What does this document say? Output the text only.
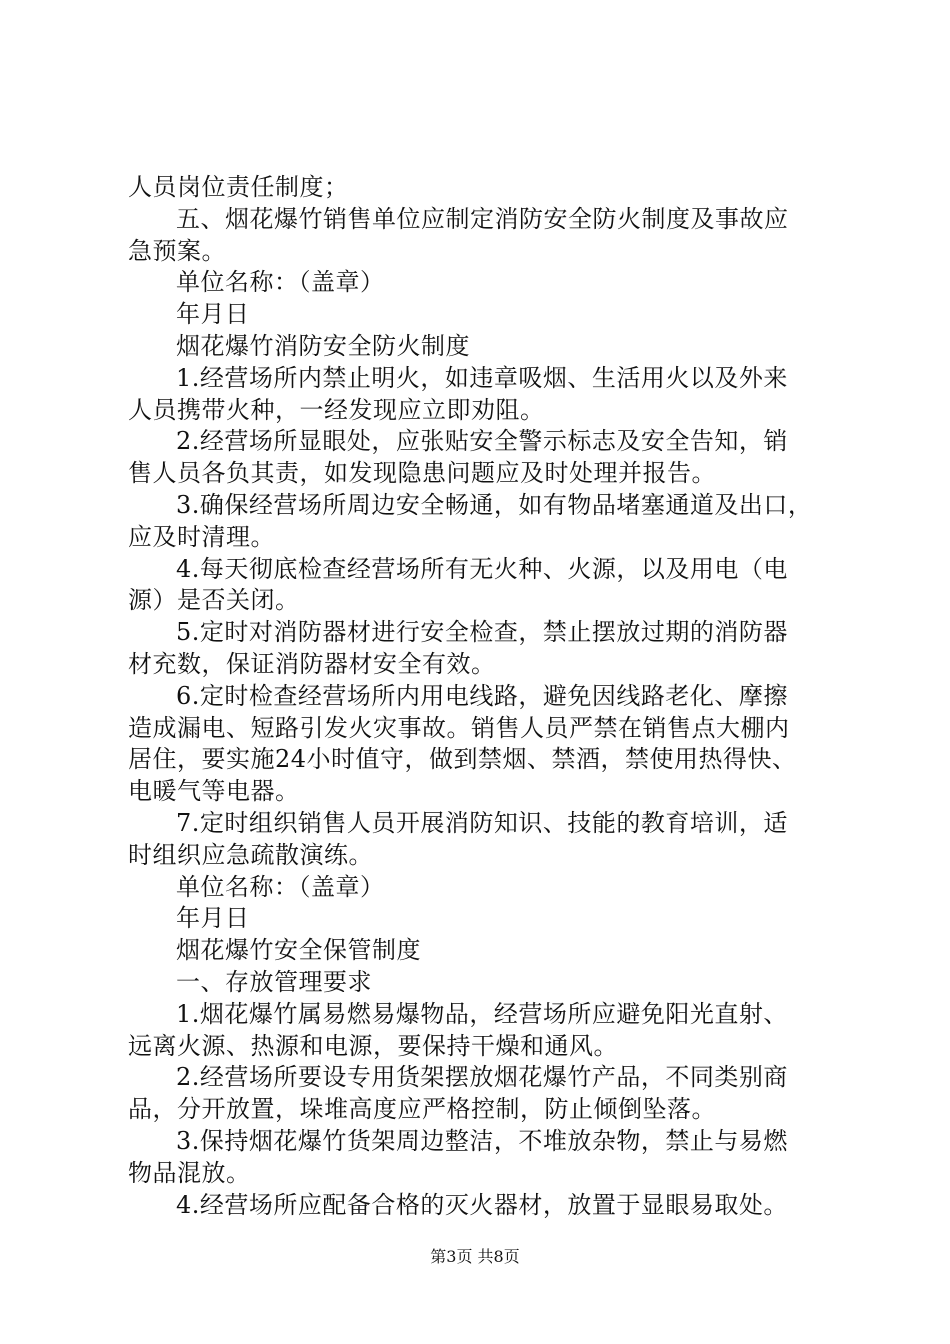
人员岗位责任制度；

五、烟花爆竹销售单位应制定消防安全防火制度及事故应

急预案。

单位名称：（盖章）

年月日

烟花爆竹消防安全防火制度

1.经营场所内禁止明火，如违章吸烟、生活用火以及外来

人员携带火种，一经发现应立即劝阻。

2.经营场所显眼处，应张贴安全警示标志及安全告知，销

售人员各负其责，如发现隐患问题应及时处理并报告。

3.确保经营场所周边安全畅通，如有物品堵塞通道及出口，

应及时清理。

4.每天彻底检查经营场所有无火种、火源，以及用电（电

源）是否关闭。

5.定时对消防器材进行安全检查，禁止摆放过期的消防器

材充数，保证消防器材安全有效。

6.定时检查经营场所内用电线路，避免因线路老化、摩擦

造成漏电、短路引发火灾事故。销售人员严禁在销售点大棚内

居住，要实施24小时值守，做到禁烟、禁酒，禁使用热得快、

电暖气等电器。

7.定时组织销售人员开展消防知识、技能的教育培训，适

时组织应急疏散演练。

单位名称：（盖章）

年月日

烟花爆竹安全保管制度

一、存放管理要求

1.烟花爆竹属易燃易爆物品，经营场所应避免阳光直射、

远离火源、热源和电源，要保持干燥和通风。

2.经营场所要设专用货架摆放烟花爆竹产品，不同类别商

品，分开放置，垛堆高度应严格控制，防止倾倒坠落。

3.保持烟花爆竹货架周边整洁，不堆放杂物，禁止与易燃

物品混放。

4.经营场所应配备合格的灭火器材，放置于显眼易取处。

第3页 共8页
